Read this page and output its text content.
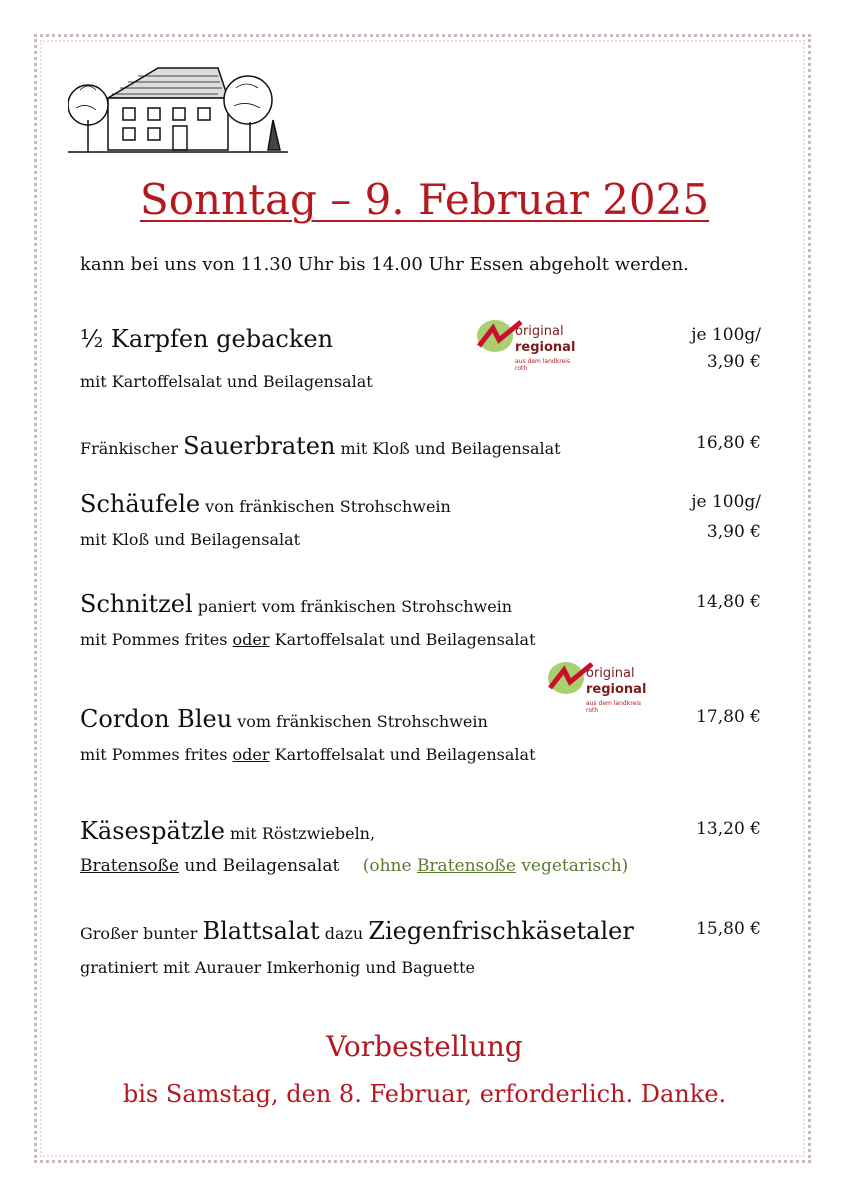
Sonntag – 9. Februar 2025
kann bei uns von 11.30 Uhr bis 14.00 Uhr Essen abgeholt werden.
original
regional
aus dem landkreis roth
original
regional
aus dem landkreis roth
½ Karpfen gebacken
mit Kartoffelsalat und Beilagensalat
je 100g/
3,90 €
Fränkischer Sauerbraten mit Kloß und Beilagensalat	16,80 €
Schäufele von fränkischen Strohschwein
mit Kloß und Beilagensalat
je 100g/
3,90 €
Schnitzel paniert vom fränkischen Strohschwein
mit Pommes frites oder Kartoffelsalat und Beilagensalat
14,80 €
Cordon Bleu vom fränkischen Strohschwein
mit Pommes frites oder Kartoffelsalat und Beilagensalat
17,80 €
Käsespätzle mit Röstzwiebeln,
Bratensoße und Beilagensalat (ohne Bratensoße vegetarisch)
13,20 €
Großer bunter Blattsalat dazu Ziegenfrischkäsetaler
gratiniert mit Aurauer Imkerhonig und Baguette
15,80 €
Vorbestellung
bis Samstag, den 8. Februar, erforderlich. Danke.
